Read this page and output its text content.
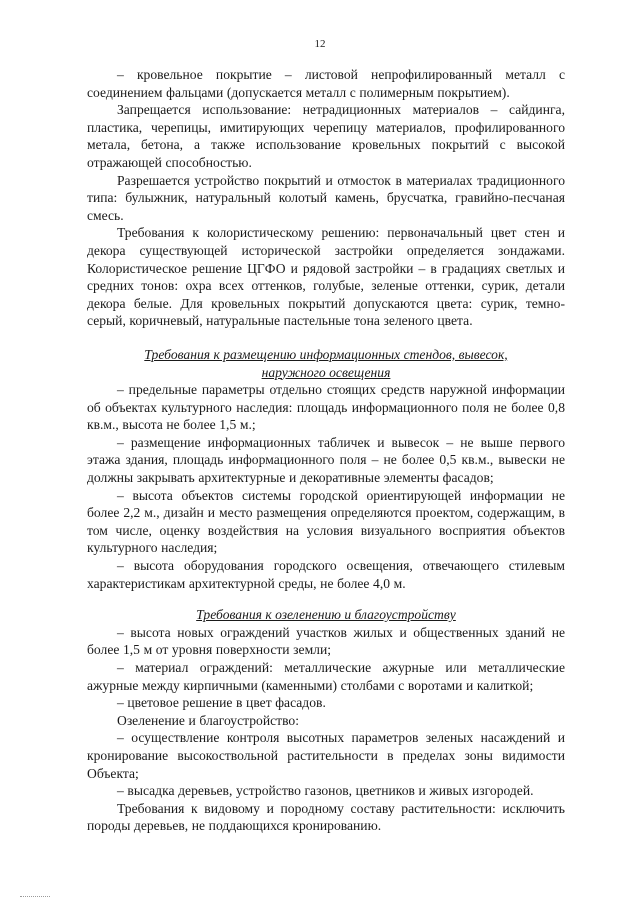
12

– кровельное покрытие – листовой непрофилированный металл с соединением фальцами (допускается металл с полимерным покрытием).

Запрещается использование: нетрадиционных материалов – сайдинга, пластика, черепицы, имитирующих черепицу материалов, профилированного метала, бетона, а также использование кровельных покрытий с высокой отражающей способностью.

Разрешается устройство покрытий и отмосток в материалах традиционного типа: булыжник, натуральный колотый камень, брусчатка, гравийно-песчаная смесь.

Требования к колористическому решению: первоначальный цвет стен и декора существующей исторической застройки определяется зондажами. Колористическое решение ЦГФО и рядовой застройки – в градациях светлых и средних тонов: охра всех оттенков, голубые, зеленые оттенки, сурик, детали декора белые. Для кровельных покрытий допускаются цвета: сурик, темно-серый, коричневый, натуральные пастельные тона зеленого цвета.

Требования к размещению информационных стендов, вывесок,

наружного освещения

– предельные параметры отдельно стоящих средств наружной информации об объектах культурного наследия: площадь информационного поля не более 0,8 кв.м., высота не более 1,5 м.;

– размещение информационных табличек и вывесок – не выше первого этажа здания, площадь информационного поля – не более 0,5 кв.м., вывески не должны закрывать архитектурные и декоративные элементы фасадов;

– высота объектов системы городской ориентирующей информации не более 2,2 м., дизайн и место размещения определяются проектом, содержащим, в том числе, оценку воздействия на условия визуального восприятия объектов культурного наследия;

– высота оборудования городского освещения, отвечающего стилевым характеристикам архитектурной среды, не более 4,0 м.

Требования к озеленению и благоустройству

– высота новых ограждений участков жилых и общественных зданий не более 1,5 м от уровня поверхности земли;

– материал ограждений: металлические ажурные или металлические ажурные между кирпичными (каменными) столбами с воротами и калиткой;

– цветовое решение в цвет фасадов.

Озеленение и благоустройство:

– осуществление контроля высотных параметров зеленых насаждений и кронирование высокоствольной растительности в пределах зоны видимости Объекта;

– высадка деревьев, устройство газонов, цветников и живых изгородей.

Требования к видовому и породному составу растительности: исключить породы деревьев, не поддающихся кронированию.
